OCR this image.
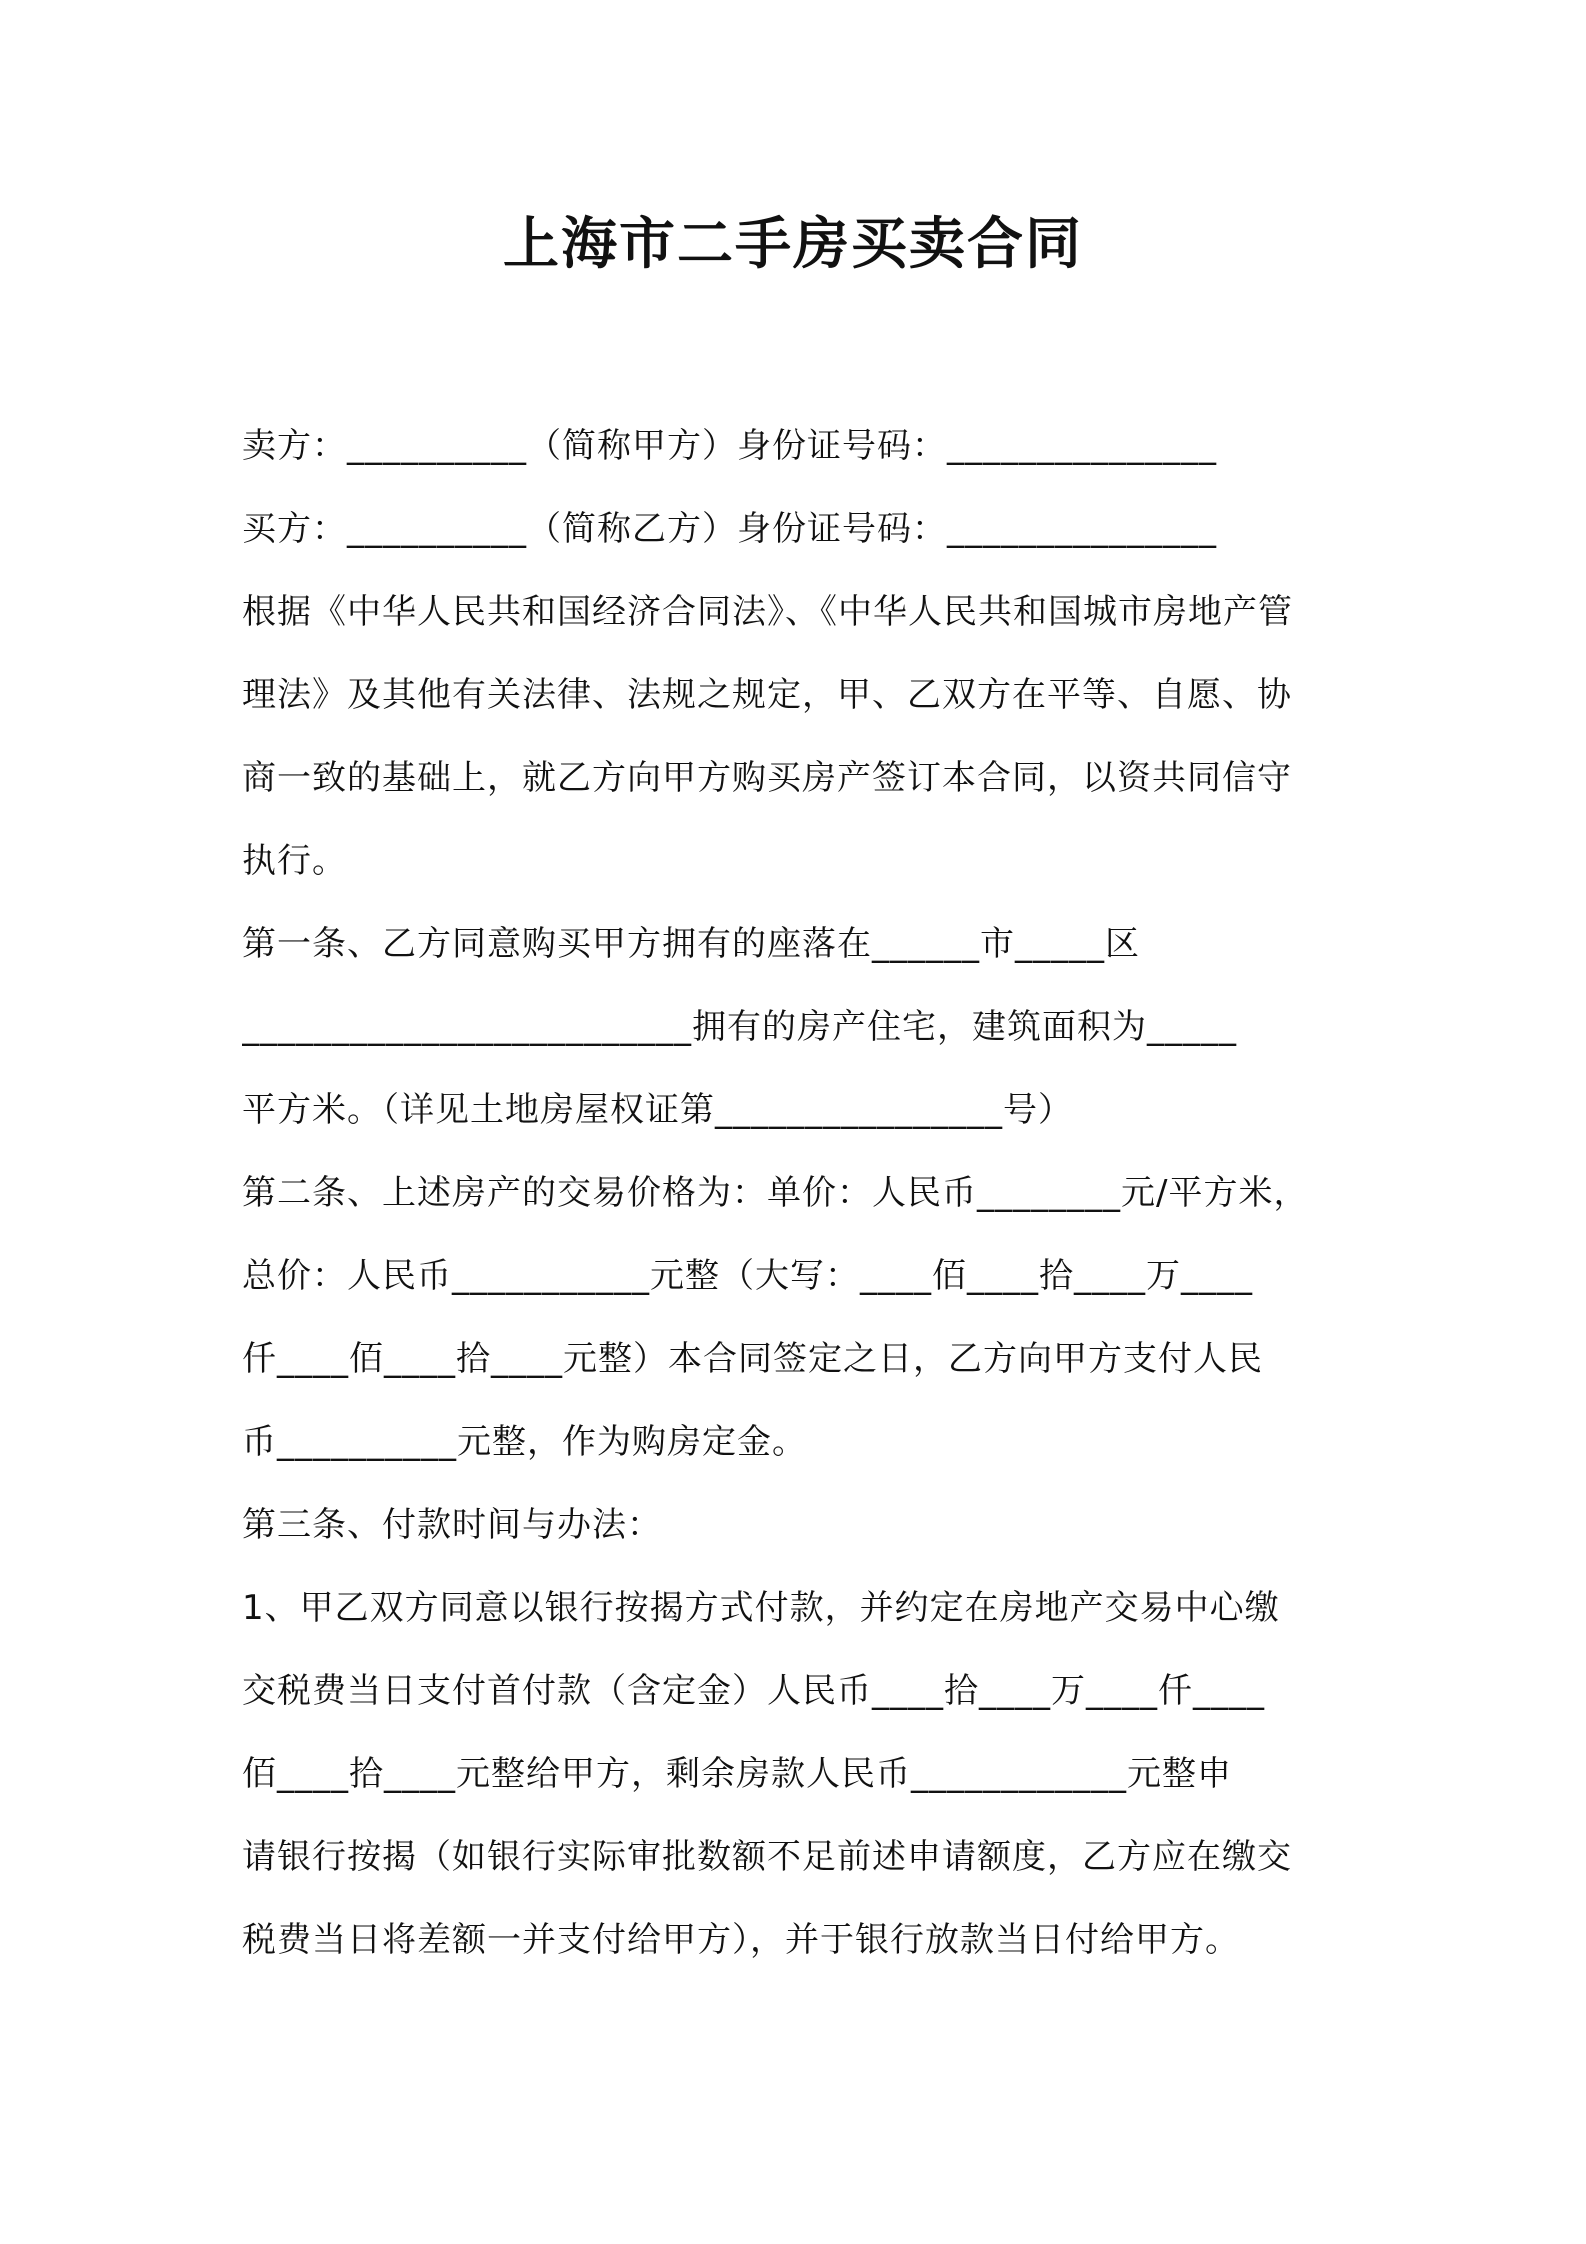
上海市二手房买卖合同
卖方：__________（简称甲方）身份证号码：_______________
买方：__________（简称乙方）身份证号码：_______________
根据《中华人民共和国经济合同法》、《中华人民共和国城市房地产管
理法》及其他有关法律、法规之规定，甲、乙双方在平等、自愿、协
商一致的基础上，就乙方向甲方购买房产签订本合同，以资共同信守
执行。
第一条、乙方同意购买甲方拥有的座落在______市_____区
_________________________拥有的房产住宅，建筑面积为_____
平方米。（详见土地房屋权证第________________号）
第二条、上述房产的交易价格为：单价：人民币________元/平方米，
总价：人民币___________元整（大写：____佰____拾____万____
仟____佰____拾____元整）本合同签定之日，乙方向甲方支付人民
币__________元整，作为购房定金。
第三条、付款时间与办法：
1、甲乙双方同意以银行按揭方式付款，并约定在房地产交易中心缴
交税费当日支付首付款（含定金）人民币____拾____万____仟____
佰____拾____元整给甲方，剩余房款人民币____________元整申
请银行按揭（如银行实际审批数额不足前述申请额度，乙方应在缴交
税费当日将差额一并支付给甲方），并于银行放款当日付给甲方。
